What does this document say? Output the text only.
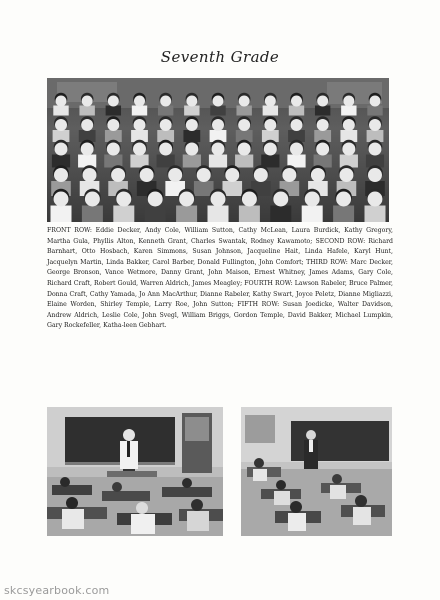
Seventh Grade
FRONT ROW: Eddie Decker, Andy Cole, William Sutton, Cathy McLean, Laura Burdick, Kathy Gregory, Martha Gula, Phyllis Alton, Kenneth Grant, Charles Swantak, Rodney Kawamoto; SECOND ROW: Richard Barnhart, Otto Hosbach, Karen Simmons, Susan Johnson, Jacqueline Hait, Linda Hafele, Karyl Hunt, Jacquelyn Martin, Linda Bakker, Carol Barber, Donald Fullington, John Comfort; THIRD ROW: Marc Decker, George Bronson, Vance Wetmore, Danny Grant, John Maison, Ernest Whitney, James Adams, Gary Cole, Richard Craft, Robert Gould, Warren Aldrich, James Meagley; FOURTH ROW: Lawson Rabeler, Bruce Palmer, Donna Craft, Cathy Yamada, Jo Ann MacArthur, Dianne Rabeler, Kathy Swart, Joyce Peletz, Dianne Migliazzi, Elaine Worden, Shirley Temple, Larry Roe, John Sutton; FIFTH ROW: Susan Joedicke, Walter Davidson, Andrew Aldrich, Leslie Cole, John Svegl, William Briggs, Gordon Temple, David Bakker, Michael Lumpkin, Gary Rockefeller, Katha-leen Gebhart.
skcsyearbook.com
